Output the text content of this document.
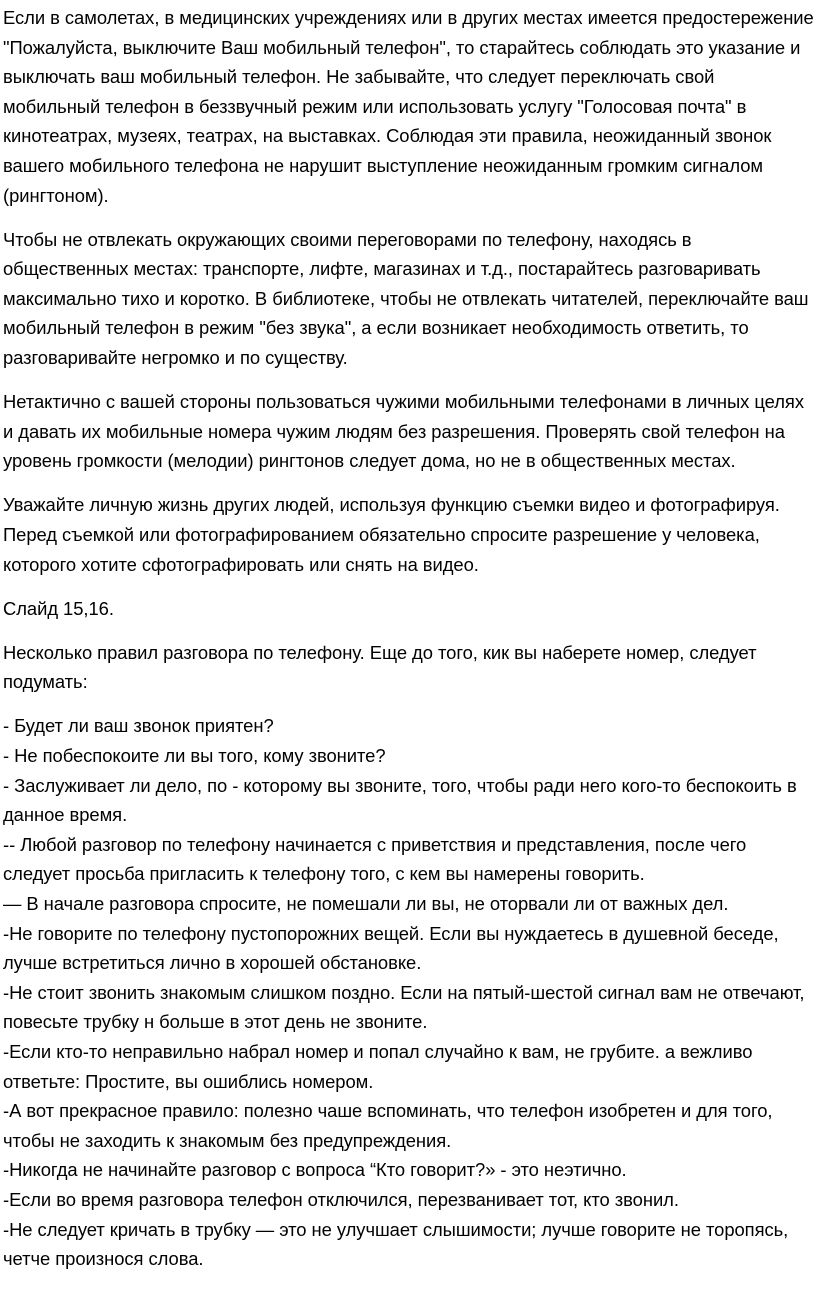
Если в самолетах, в медицинских учреждениях или в других местах имеется предостережение "Пожалуйста, выключите Ваш мобильный телефон", то старайтесь соблюдать это указание и выключать ваш мобильный телефон. Не забывайте, что следует переключать свой мобильный телефон в беззвучный режим или использовать услугу "Голосовая почта" в кинотеатрах, музеях, театрах, на выставках. Соблюдая эти правила, неожиданный звонок вашего мобильного телефона не нарушит выступление неожиданным громким сигналом (рингтоном).

Чтобы не отвлекать окружающих своими переговорами по телефону, находясь в общественных местах: транспорте, лифте, магазинах и т.д., постарайтесь разговаривать максимально тихо и коротко. В библиотеке, чтобы не отвлекать читателей, переключайте ваш мобильный телефон в режим "без звука", а если возникает необходимость ответить, то разговаривайте негромко и по существу.

Нетактично с вашей стороны пользоваться чужими мобильными телефонами в личных целях и давать их мобильные номера чужим людям без разрешения. Проверять свой телефон на уровень громкости (мелодии) рингтонов следует дома, но не в общественных местах.

Уважайте личную жизнь других людей, используя функцию съемки видео и фотографируя. Перед съемкой или фотографированием обязательно спросите разрешение у человека, которого хотите сфотографировать или снять на видео.

Слайд 15,16.

Несколько правил разговора по телефону. Еще до того, кик вы наберете номер, следует подумать:

- Будет ли ваш звонок приятен?
- Не побеспокоите ли вы того, кому звоните?
- Заслуживает ли дело, по - которому вы звоните, того, чтобы ради него кого-то беспокоить в данное время.
-- Любой разговор по телефону начинается с приветствия и представления, после чего следует просьба пригласить к телефону того, с кем вы намерены говорить.
— В начале разговора спросите, не помешали ли вы, не оторвали ли от важных дел.
-Не говорите по телефону пустопорожних вещей. Если вы нуждаетесь в душевной беседе, лучше встретиться лично в хорошей обстановке.
-Не стоит звонить знакомым слишком поздно. Если на пятый-шестой сигнал вам не отвечают, повесьте трубку н больше в этот день не звоните.
-Если кто-то неправильно набрал номер и попал случайно к вам, не грубите. а вежливо ответьте: Простите, вы ошиблись номером.
-А вот прекрасное правило: полезно чаше вспоминать, что телефон изобретен и для того, чтобы не заходить к знакомым без предупреждения.
-Никогда не начинайте разговор с вопроса “Кто говорит?» - это неэтично.
-Если во время разговора телефон отключился, перезванивает тот, кто звонил.
-Не следует кричать в трубку — это не улучшает слышимости; лучше говорите не торопясь, четче произнося слова.
